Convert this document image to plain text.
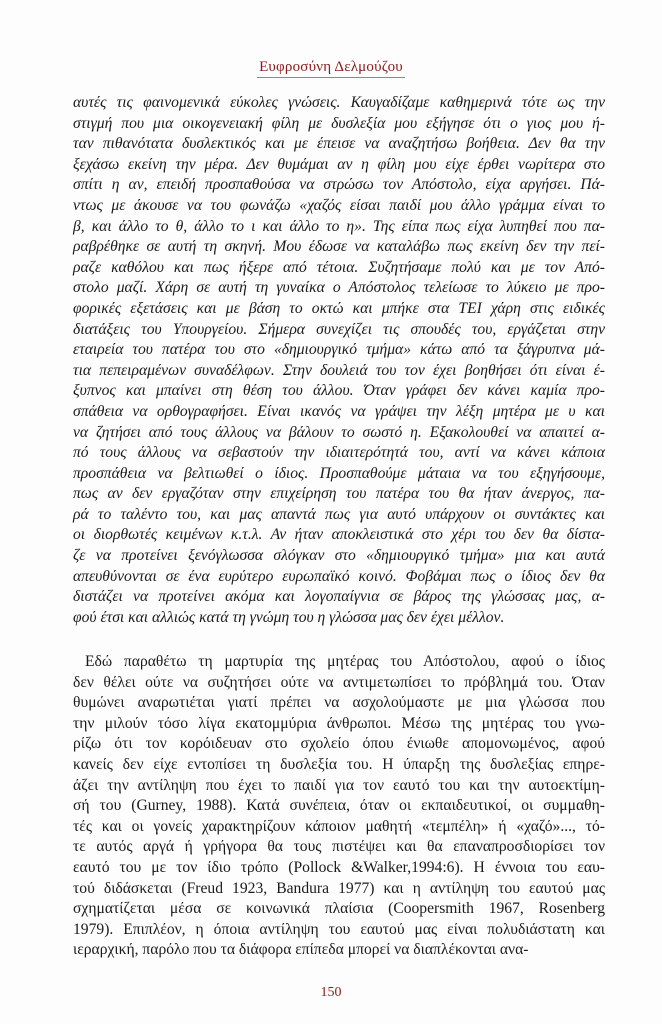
Ευφροσύνη Δελμούζου
αυτές τις φαινομενικά εύκολες γνώσεις. Καυγαδίζαμε καθημερινά τότε ως την
στιγμή που μια οικογενειακή φίλη με δυσλεξία μου εξήγησε ότι ο γιος μου ή-
ταν πιθανότατα δυσλεκτικός και με έπεισε να αναζητήσω βοήθεια. Δεν θα την
ξεχάσω εκείνη την μέρα. Δεν θυμάμαι αν η φίλη μου είχε έρθει νωρίτερα στο
σπίτι η αν, επειδή προσπαθούσα να στρώσω τον Απόστολο, είχα αργήσει. Πά-
ντως με άκουσε να του φωνάζω «χαζός είσαι παιδί μου άλλο γράμμα είναι το
β, και άλλο το θ, άλλο το ι και άλλο το η». Της είπα πως είχα λυπηθεί που πα-
ραβρέθηκε σε αυτή τη σκηνή. Μου έδωσε να καταλάβω πως εκείνη δεν την πεί-
ραζε καθόλου και πως ήξερε από τέτοια. Συζητήσαμε πολύ και με τον Από-
στολο μαζί. Χάρη σε αυτή τη γυναίκα ο Απόστολος τελείωσε το λύκειο με προ-
φορικές εξετάσεις και με βάση το οκτώ και μπήκε στα ΤΕΙ χάρη στις ειδικές
διατάξεις του Υπουργείου. Σήμερα συνεχίζει τις σπουδές του, εργάζεται στην
εταιρεία του πατέρα του στο «δημιουργικό τμήμα» κάτω από τα ξάγρυπνα μά-
τια πεπειραμένων συναδέλφων. Στην δουλειά του τον έχει βοηθήσει ότι είναι έ-
ξυπνος και μπαίνει στη θέση του άλλου. Όταν γράφει δεν κάνει καμία προ-
σπάθεια να ορθογραφήσει. Είναι ικανός να γράψει την λέξη μητέρα με υ και
να ζητήσει από τους άλλους να βάλουν το σωστό η. Εξακολουθεί να απαιτεί α-
πό τους άλλους να σεβαστούν την ιδιαιτερότητά του, αντί να κάνει κάποια
προσπάθεια να βελτιωθεί ο ίδιος. Προσπαθούμε μάταια να του εξηγήσουμε,
πως αν δεν εργαζόταν στην επιχείρηση του πατέρα του θα ήταν άνεργος, πα-
ρά το ταλέντο του, και μας απαντά πως για αυτό υπάρχουν οι συντάκτες και
οι διορθωτές κειμένων κ.τ.λ. Αν ήταν αποκλειστικά στο χέρι του δεν θα δίστα-
ζε να προτείνει ξενόγλωσσα σλόγκαν στο «δημιουργικό τμήμα» μια και αυτά
απευθύνονται σε ένα ευρύτερο ευρωπαϊκό κοινό. Φοβάμαι πως ο ίδιος δεν θα
διστάζει να προτείνει ακόμα και λογοπαίγνια σε βάρος της γλώσσας μας, α-
φού έτσι και αλλιώς κατά τη γνώμη του η γλώσσα μας δεν έχει μέλλον.
Εδώ παραθέτω τη μαρτυρία της μητέρας του Απόστολου, αφού ο ίδιος
δεν θέλει ούτε να συζητήσει ούτε να αντιμετωπίσει το πρόβλημά του. Όταν
θυμώνει αναρωτιέται γιατί πρέπει να ασχολούμαστε με μια γλώσσα που
την μιλούν τόσο λίγα εκατομμύρια άνθρωποι. Μέσω της μητέρας του γνω-
ρίζω ότι τον κορόιδευαν στο σχολείο όπου ένιωθε απομονωμένος, αφού
κανείς δεν είχε εντοπίσει τη δυσλεξία του. Η ύπαρξη της δυσλεξίας επηρε-
άζει την αντίληψη που έχει το παιδί για τον εαυτό του και την αυτοεκτίμη-
σή του (Gurney, 1988). Κατά συνέπεια, όταν οι εκπαιδευτικοί, οι συμμαθη-
τές και οι γονείς χαρακτηρίζουν κάποιον μαθητή «τεμπέλη» ή «χαζό»..., τό-
τε αυτός αργά ή γρήγορα θα τους πιστέψει και θα επαναπροσδιορίσει τον
εαυτό του με τον ίδιο τρόπο (Pollock &Walker,1994:6). Η έννοια του εαυ-
τού διδάσκεται (Freud 1923, Bandura 1977) και η αντίληψη του εαυτού μας
σχηματίζεται μέσα σε κοινωνικά πλαίσια (Coopersmith 1967, Rosenberg
1979). Επιπλέον, η όποια αντίληψη του εαυτού μας είναι πολυδιάστατη και
ιεραρχική, παρόλο που τα διάφορα επίπεδα μπορεί να διαπλέκονται ανα-
150
